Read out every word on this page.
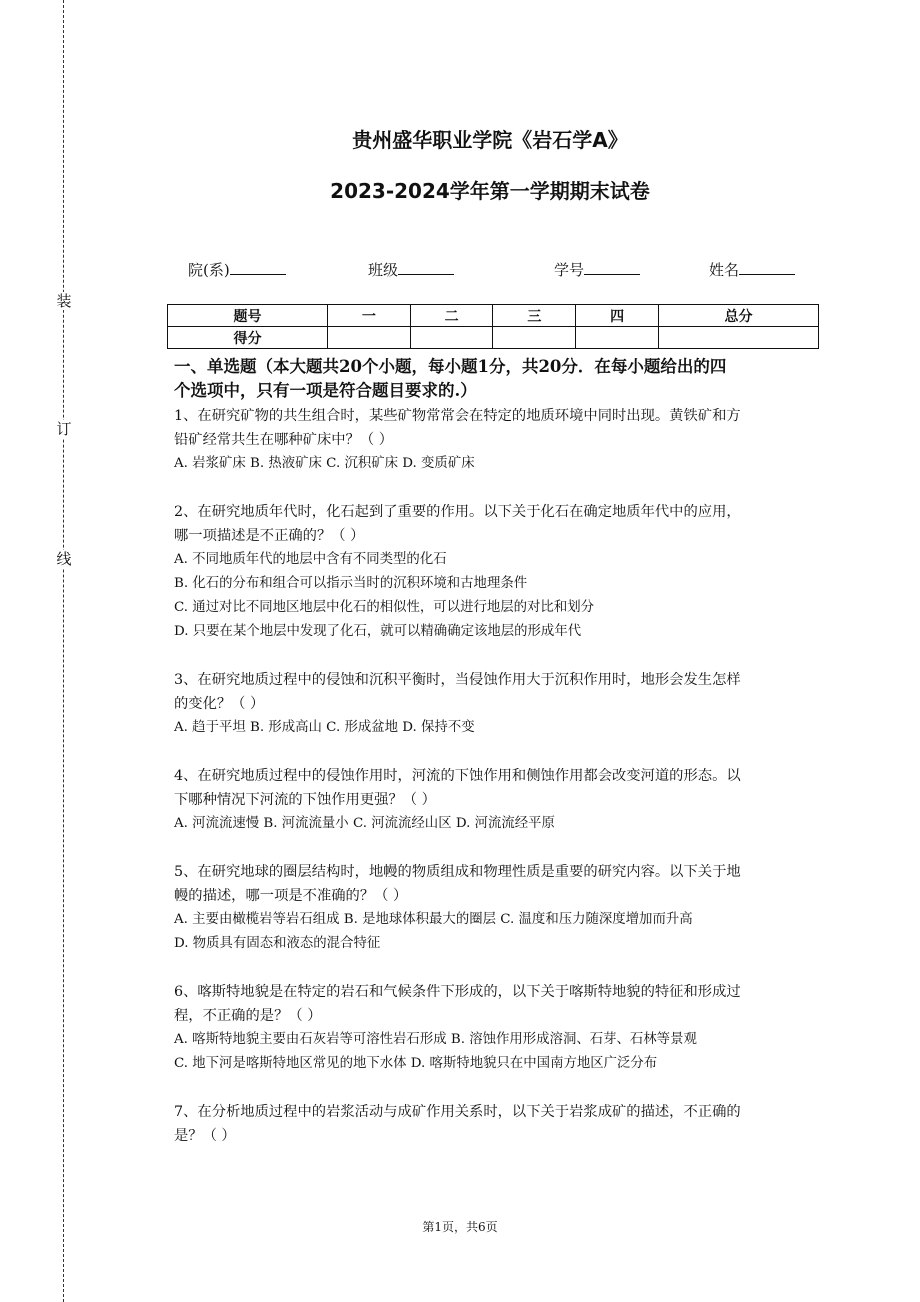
装
订
线
贵州盛华职业学院《岩石学A》
2023-2024学年第一学期期末试卷
院(系)	班级	学号	姓名
题号	一	二	三	四	总分
得分					
一、单选题（本大题共20个小题，每小题1分，共20分．在每小题给出的四
个选项中，只有一项是符合题目要求的.）
1、在研究矿物的共生组合时，某些矿物常常会在特定的地质环境中同时出现。黄铁矿和方
铅矿经常共生在哪种矿床中？（ ）
A. 岩浆矿床 B. 热液矿床 C. 沉积矿床 D. 变质矿床
2、在研究地质年代时，化石起到了重要的作用。以下关于化石在确定地质年代中的应用，
哪一项描述是不正确的？（ ）
A. 不同地质年代的地层中含有不同类型的化石
B. 化石的分布和组合可以指示当时的沉积环境和古地理条件
C. 通过对比不同地区地层中化石的相似性，可以进行地层的对比和划分
D. 只要在某个地层中发现了化石，就可以精确确定该地层的形成年代
3、在研究地质过程中的侵蚀和沉积平衡时，当侵蚀作用大于沉积作用时，地形会发生怎样
的变化？（ ）
A. 趋于平坦 B. 形成高山 C. 形成盆地 D. 保持不变
4、在研究地质过程中的侵蚀作用时，河流的下蚀作用和侧蚀作用都会改变河道的形态。以
下哪种情况下河流的下蚀作用更强？（ ）
A. 河流流速慢 B. 河流流量小 C. 河流流经山区 D. 河流流经平原
5、在研究地球的圈层结构时，地幔的物质组成和物理性质是重要的研究内容。以下关于地
幔的描述，哪一项是不准确的？（ ）
A. 主要由橄榄岩等岩石组成 B. 是地球体积最大的圈层 C. 温度和压力随深度增加而升高
D. 物质具有固态和液态的混合特征
6、喀斯特地貌是在特定的岩石和气候条件下形成的，以下关于喀斯特地貌的特征和形成过
程，不正确的是？（ ）
A. 喀斯特地貌主要由石灰岩等可溶性岩石形成 B. 溶蚀作用形成溶洞、石芽、石林等景观
C. 地下河是喀斯特地区常见的地下水体 D. 喀斯特地貌只在中国南方地区广泛分布
7、在分析地质过程中的岩浆活动与成矿作用关系时，以下关于岩浆成矿的描述，不正确的
是？（ ）
第1页，共6页
